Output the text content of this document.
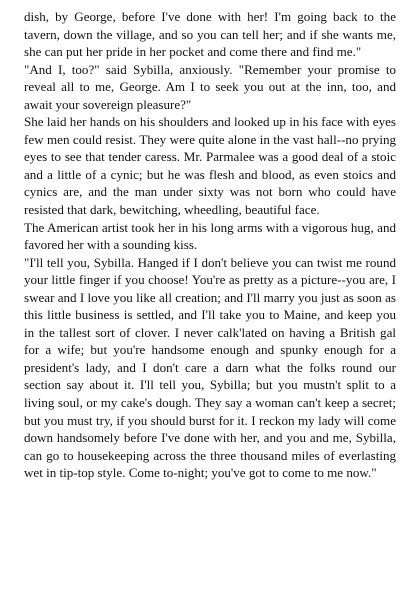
dish, by George, before I've done with her! I'm going back to the tavern, down the village, and so you can tell her; and if she wants me, she can put her pride in her pocket and come there and find me."

"And I, too?" said Sybilla, anxiously. "Remember your promise to reveal all to me, George. Am I to seek you out at the inn, too, and await your sovereign pleasure?"

She laid her hands on his shoulders and looked up in his face with eyes few men could resist. They were quite alone in the vast hall--no prying eyes to see that tender caress. Mr. Parmalee was a good deal of a stoic and a little of a cynic; but he was flesh and blood, as even stoics and cynics are, and the man under sixty was not born who could have resisted that dark, bewitching, wheedling, beautiful face.

The American artist took her in his long arms with a vigorous hug, and favored her with a sounding kiss.

"I'll tell you, Sybilla. Hanged if I don't believe you can twist me round your little finger if you choose! You're as pretty as a picture--you are, I swear and I love you like all creation; and I'll marry you just as soon as this little business is settled, and I'll take you to Maine, and keep you in the tallest sort of clover. I never calk'lated on having a British gal for a wife; but you're handsome enough and spunky enough for a president's lady, and I don't care a darn what the folks round our section say about it. I'll tell you, Sybilla; but you mustn't split to a living soul, or my cake's dough. They say a woman can't keep a secret; but you must try, if you should burst for it. I reckon my lady will come down handsomely before I've done with her, and you and me, Sybilla, can go to housekeeping across the three thousand miles of everlasting wet in tip-top style. Come to-night; you've got to come to me now."
